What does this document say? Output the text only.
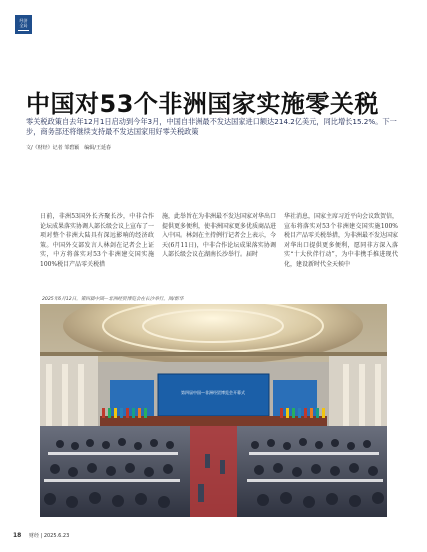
经济
全局
中国对53个非洲国家实施零关税
零关税政策自去年12月1日启动到今年3月，中国自非洲最不发达国家进口额达214.2亿美元，同比增长15.2%。下一步，商务部还将继续支持最不发达国家用好零关税政策
文/《财经》记者 邹碧颖　编辑/王延春
日前，非洲53国外长齐聚长沙，中非合作论坛成果落实协调人部长级会议上宣布了一项对整个非洲大陆具有深远影响的经济政策。中国外交部发言人林剑在记者会上证实，中方将落实对53个非洲建交国实施100%税目产品零关税措
施，此举旨在为非洲最不发达国家对华出口提供更多便利，使非洲国家更多优质商品进入中国。林剑在主持例行记者会上表示，今天(6月11日)，中非合作论坛成果落实协调人部长级会议在湖南长沙举行。届时
华社消息，国家主席习近平向会议致贺信，宣布将落实对53个非洲建交国实施100%税目产品零关税举措，为非洲最不发达国家对华出口提供更多便利，愿同非方深入落实“十大伙伴行动”，为中非携手推进现代化，建设新时代全天候中
2025年6月12日，第四届中国—非洲经贸博览会在长沙举行。图/新华
第四届中国—非洲经贸博览会开幕式
18 财经 | 2025.6.23
